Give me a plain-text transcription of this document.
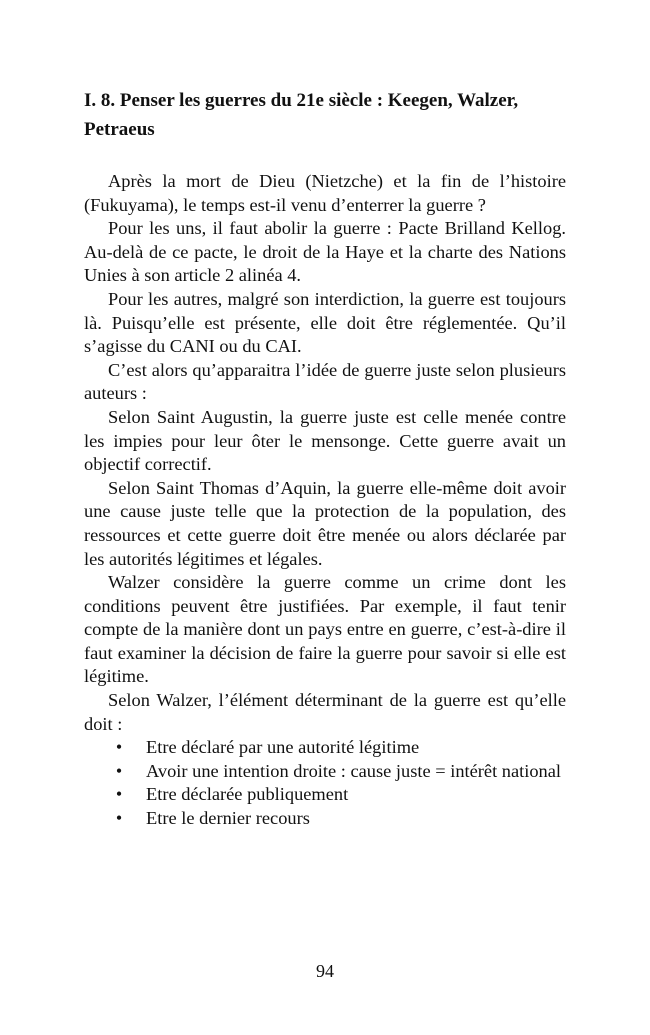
I. 8. Penser les guerres du 21e siècle : Keegen, Walzer, Petraeus

Après la mort de Dieu (Nietzche) et la fin de l’histoire (Fukuyama), le temps est-il venu d’enterrer la guerre ?

Pour les uns, il faut abolir la guerre : Pacte Brilland Kellog. Au-delà de ce pacte, le droit de la Haye et la charte des Nations Unies à son article 2 alinéa 4.

Pour les autres, malgré son interdiction, la guerre est toujours là. Puisqu’elle est présente, elle doit être réglementée. Qu’il s’agisse du CANI ou du CAI.

C’est alors qu’apparaitra l’idée de guerre juste selon plusieurs auteurs :

Selon Saint Augustin, la guerre juste est celle menée contre les impies pour leur ôter le mensonge. Cette guerre avait un objectif correctif.

Selon Saint Thomas d’Aquin, la guerre elle-même doit avoir une cause juste telle que la protection de la population, des ressources et cette guerre doit être menée ou alors déclarée par les autorités légitimes et légales.

Walzer considère la guerre comme un crime dont les conditions peuvent être justifiées. Par exemple, il faut tenir compte de la manière dont un pays entre en guerre, c’est-à-dire il faut examiner la décision de faire la guerre pour savoir si elle est légitime.

Selon Walzer, l’élément déterminant de la guerre est qu’elle doit :

• Etre déclaré par une autorité légitime
• Avoir une intention droite : cause juste = intérêt national
• Etre déclarée publiquement
• Etre le dernier recours
94
